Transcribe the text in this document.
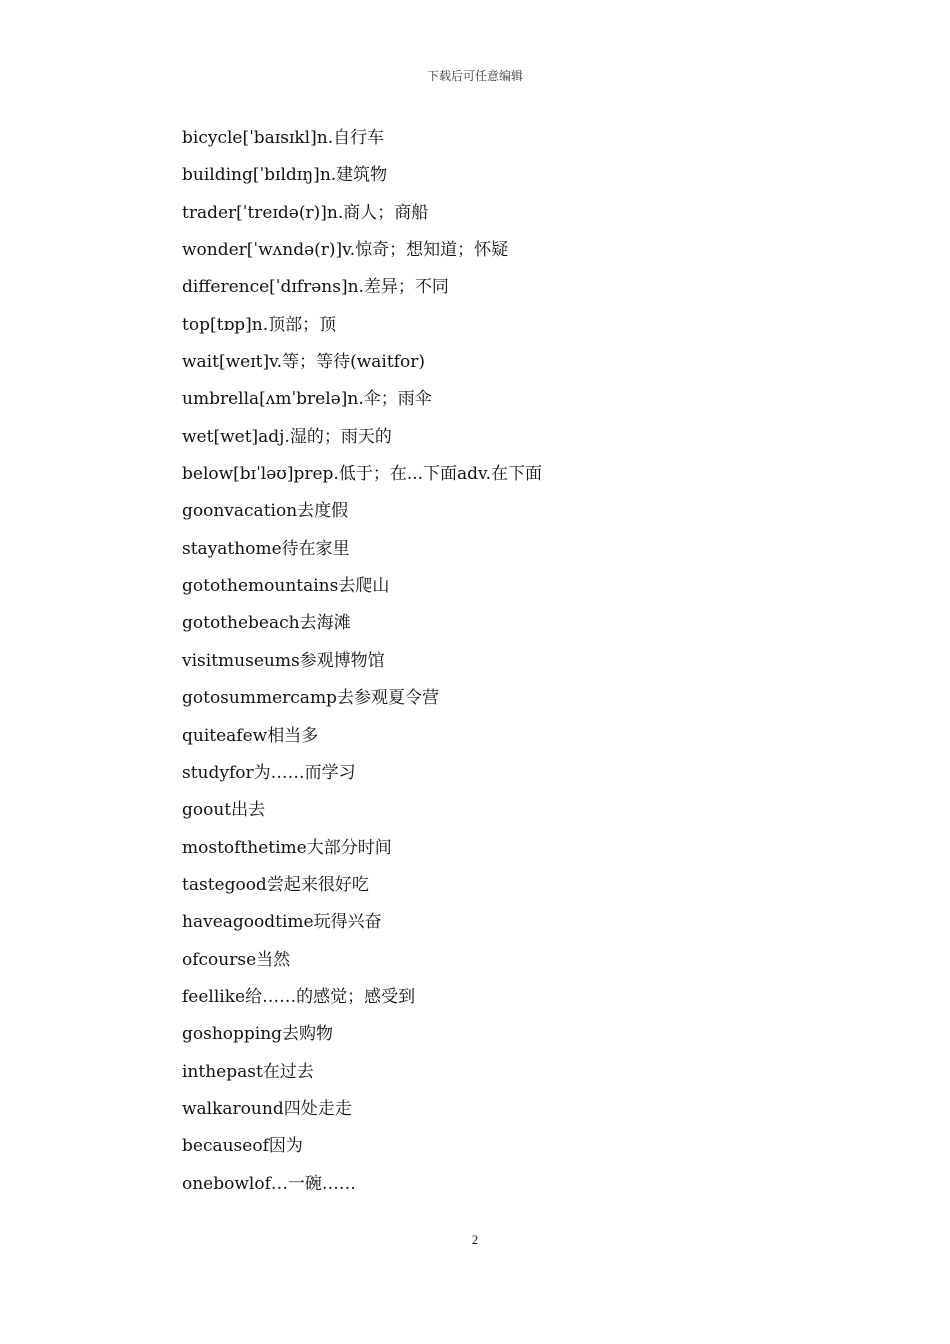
下载后可任意编辑
bicycle[ˈbaɪsɪkl]n.自行车
building[ˈbɪldɪŋ]n.建筑物
trader[ˈtreɪdə(r)]n.商人；商船
wonder[ˈwʌndə(r)]v.惊奇；想知道；怀疑
difference[ˈdɪfrəns]n.差异；不同
top[tɒp]n.顶部；顶
wait[weɪt]v.等；等待(waitfor)
umbrella[ʌmˈbrelə]n.伞；雨伞
wet[wet]adj.湿的；雨天的
below[bɪˈləʊ]prep.低于；在...下面adv.在下面
goonvacation去度假
stayathome待在家里
gotothemountains去爬山
gotothebeach去海滩
visitmuseums参观博物馆
gotosummercamp去参观夏令营
quiteafew相当多
studyfor为……而学习
goout出去
mostofthetime大部分时间
tastegood尝起来很好吃
haveagoodtime玩得兴奋
ofcourse当然
feellike给……的感觉；感受到
goshopping去购物
inthepast在过去
walkaround四处走走
becauseof因为
onebowlof…一碗……
2
